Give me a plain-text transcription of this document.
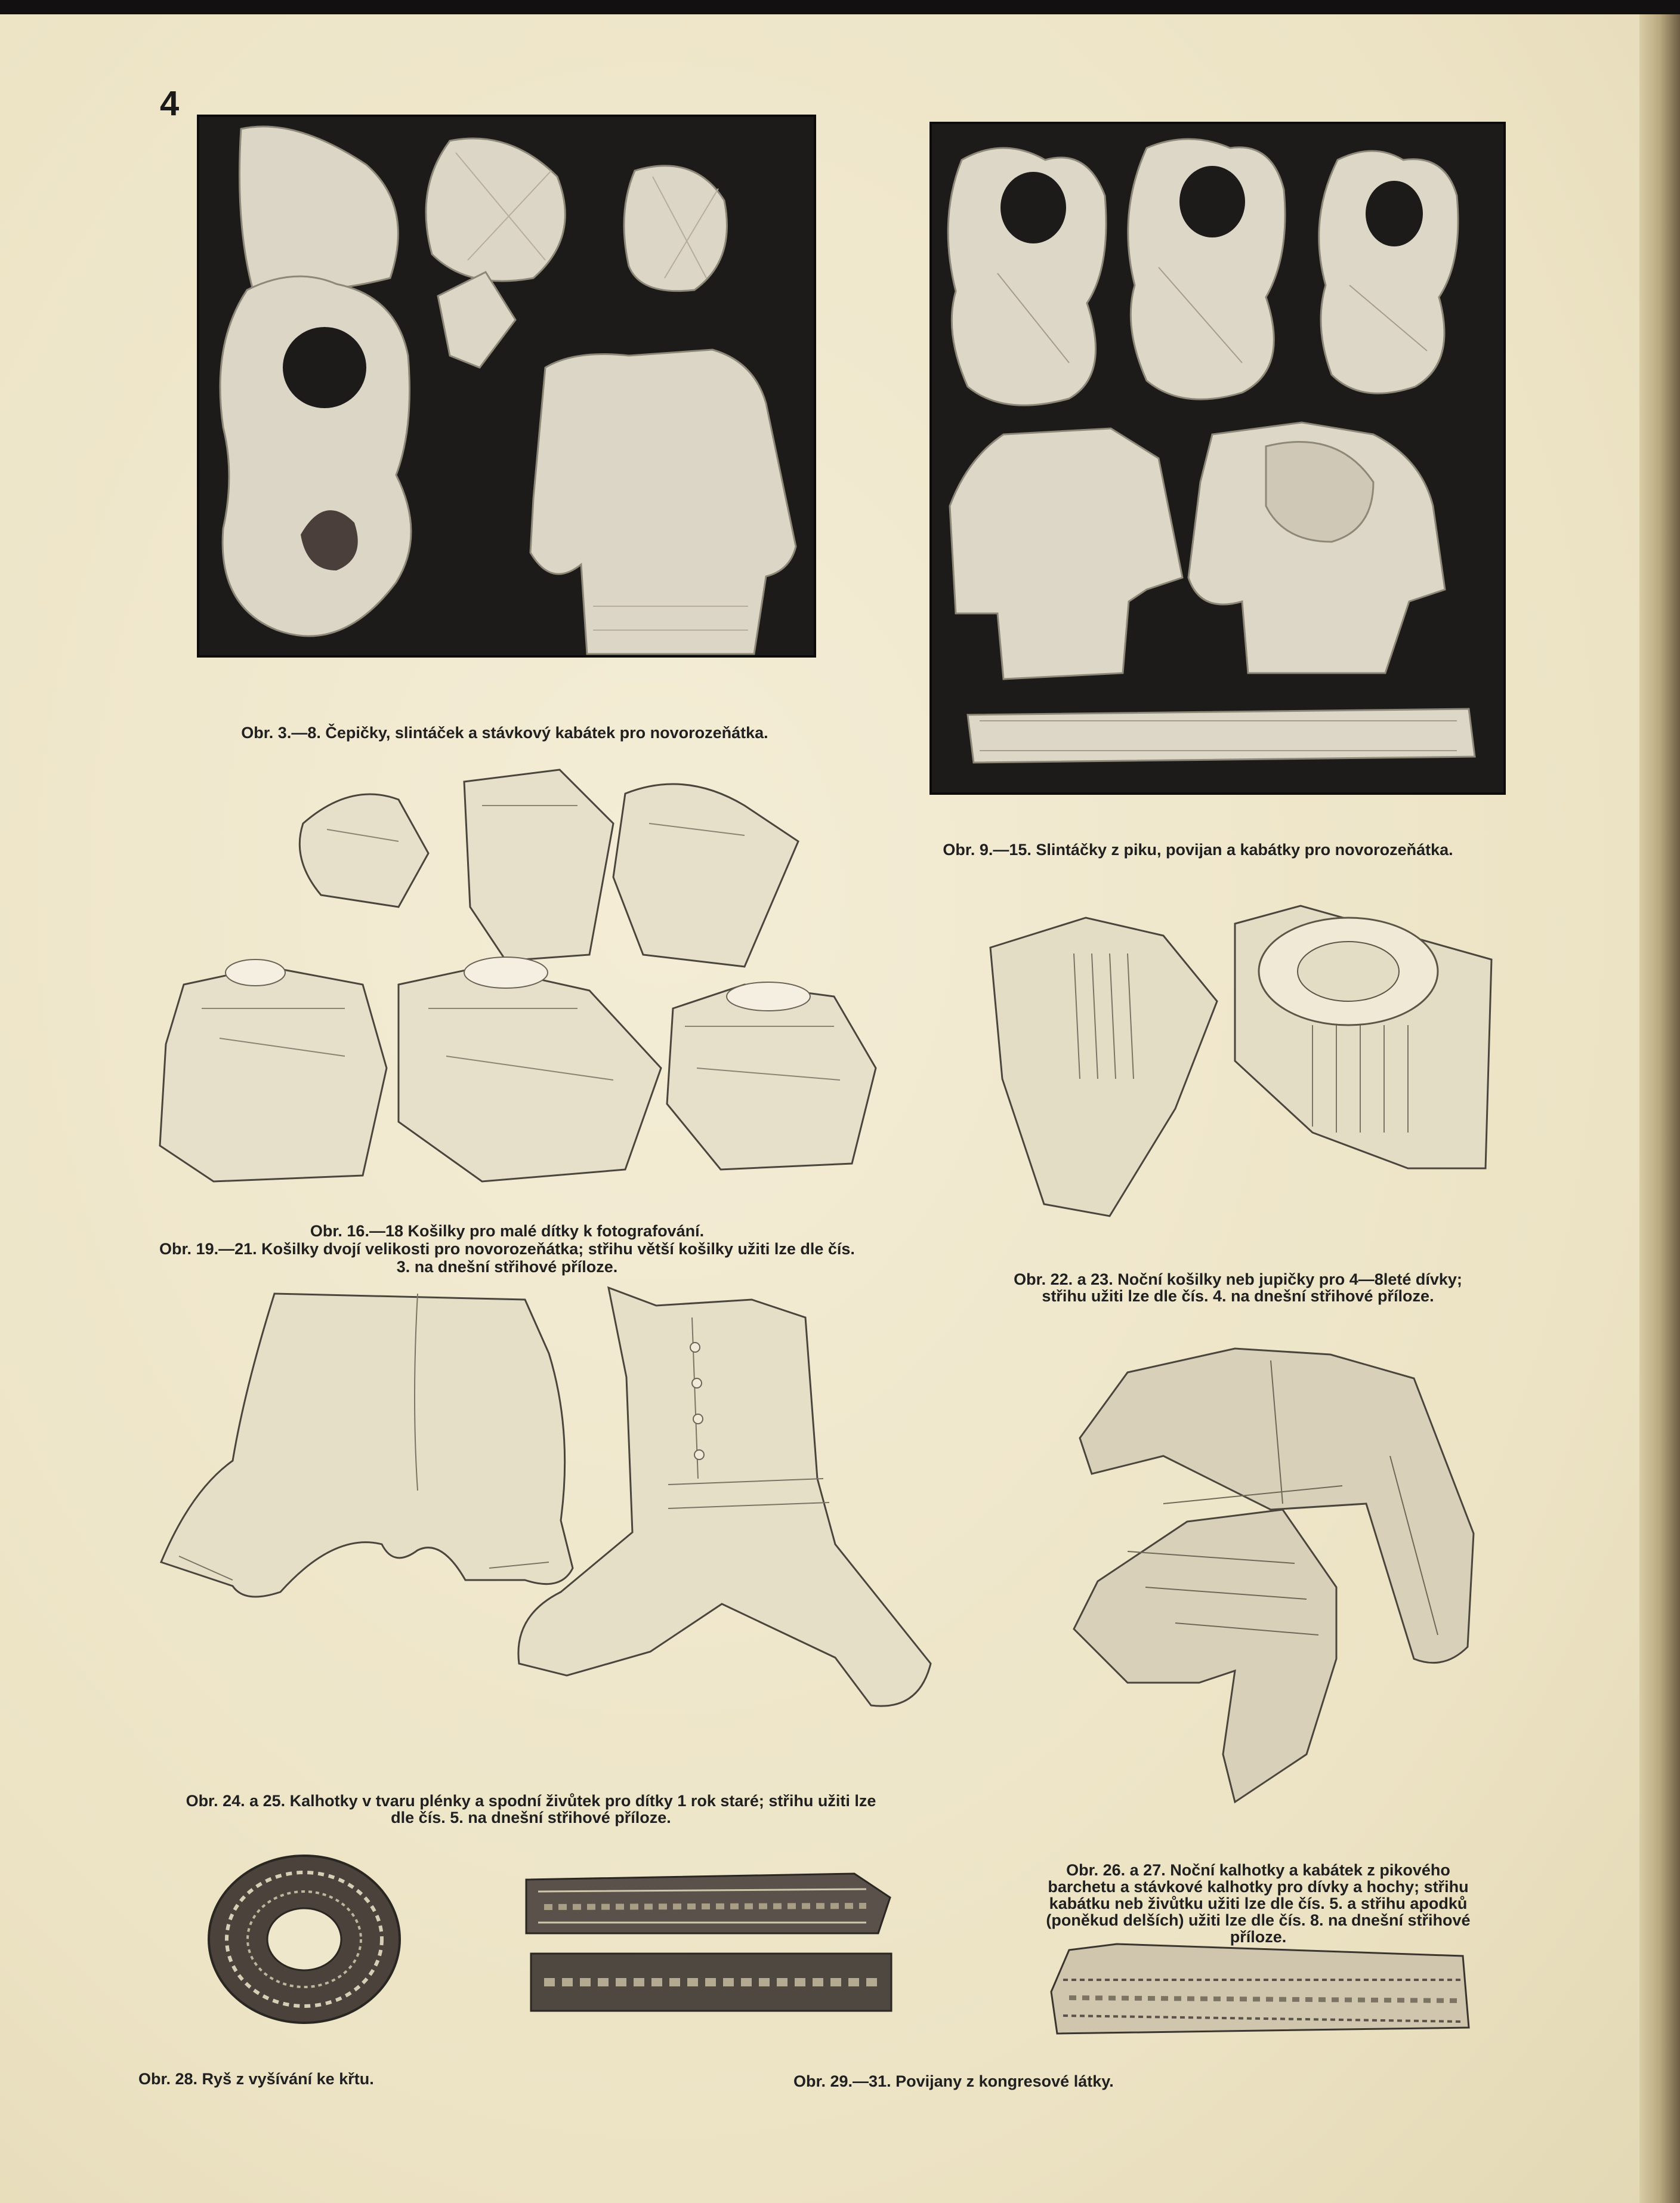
4
Obr. 3.—8. Čepičky, slintáček a stávkový kabátek pro novorozeňátka.
Obr. 9.—15. Slintáčky z piku, povijan a kabátky pro novorozeňátka.
Obr. 16.—18 Košilky pro malé dítky k fotografování.
Obr. 19.—21. Košilky dvojí velikosti pro novorozeňátka; střihu větší košilky užiti lze dle čís.
3. na dnešní střihové příloze.
Obr. 22. a 23. Noční košilky neb jupičky pro 4—8leté dívky;
střihu užiti lze dle čís. 4. na dnešní střihové příloze.
Obr. 24. a 25. Kalhotky v tvaru plénky a spodní živůtek pro dítky 1 rok staré; střihu užiti lze
dle čís. 5. na dnešní střihové příloze.
Obr. 26. a 27. Noční kalhotky a kabátek z pikového
barchetu a stávkové kalhotky pro dívky a hochy; střihu
kabátku neb živůtku užiti lze dle čís. 5. a střihu apodků
(poněkud delších) užiti lze dle čís. 8. na dnešní střihové
příloze.
Obr. 28. Ryš z vyšívání ke křtu.	Obr. 29.—31. Povijany z kongresové látky.
